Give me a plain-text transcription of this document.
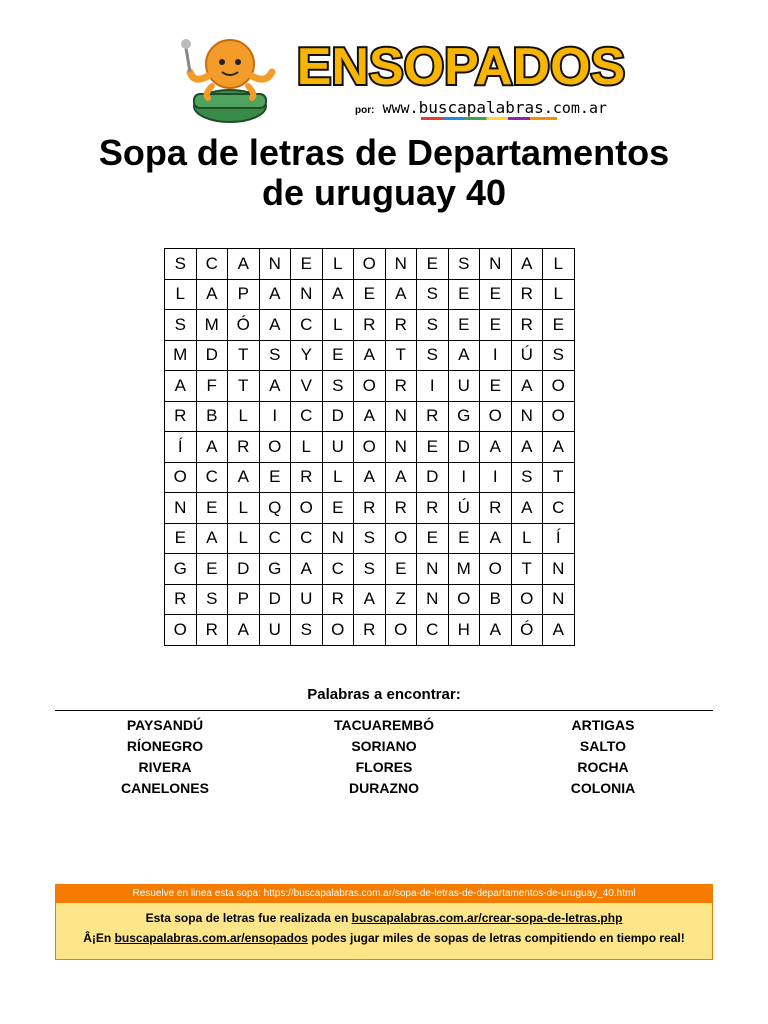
ENSOPADOS
por: www.buscapalabras.com.ar
Sopa de letras de Departamentos
de uruguay 40
S	C	A	N	E	L	O	N	E	S	N	A	L
L	A	P	A	N	A	E	A	S	E	E	R	L
S	M	Ó	A	C	L	R	R	S	E	E	R	E
M	D	T	S	Y	E	A	T	S	A	I	Ú	S
A	F	T	A	V	S	O	R	I	U	E	A	O
R	B	L	I	C	D	A	N	R	G	O	N	O
Í	A	R	O	L	U	O	N	E	D	A	A	A
O	C	A	E	R	L	A	A	D	I	I	S	T
N	E	L	Q	O	E	R	R	R	Ú	R	A	C
E	A	L	C	C	N	S	O	E	E	A	L	Í
G	E	D	G	A	C	S	E	N	M	O	T	N
R	S	P	D	U	R	A	Z	N	O	B	O	N
O	R	A	U	S	O	R	O	C	H	A	Ó	A
Palabras a encontrar:
PAYSANDÚ	TACUAREMBÓ	ARTIGAS
RÍONEGRO	SORIANO	SALTO
RIVERA	FLORES	ROCHA
CANELONES	DURAZNO	COLONIA
Resuelve en linea esta sopa: https://buscapalabras.com.ar/sopa-de-letras-de-departamentos-de-uruguay_40.html
Esta sopa de letras fue realizada en buscapalabras.com.ar/crear-sopa-de-letras.php
Â¡En buscapalabras.com.ar/ensopados podes jugar miles de sopas de letras compitiendo en tiempo real!
